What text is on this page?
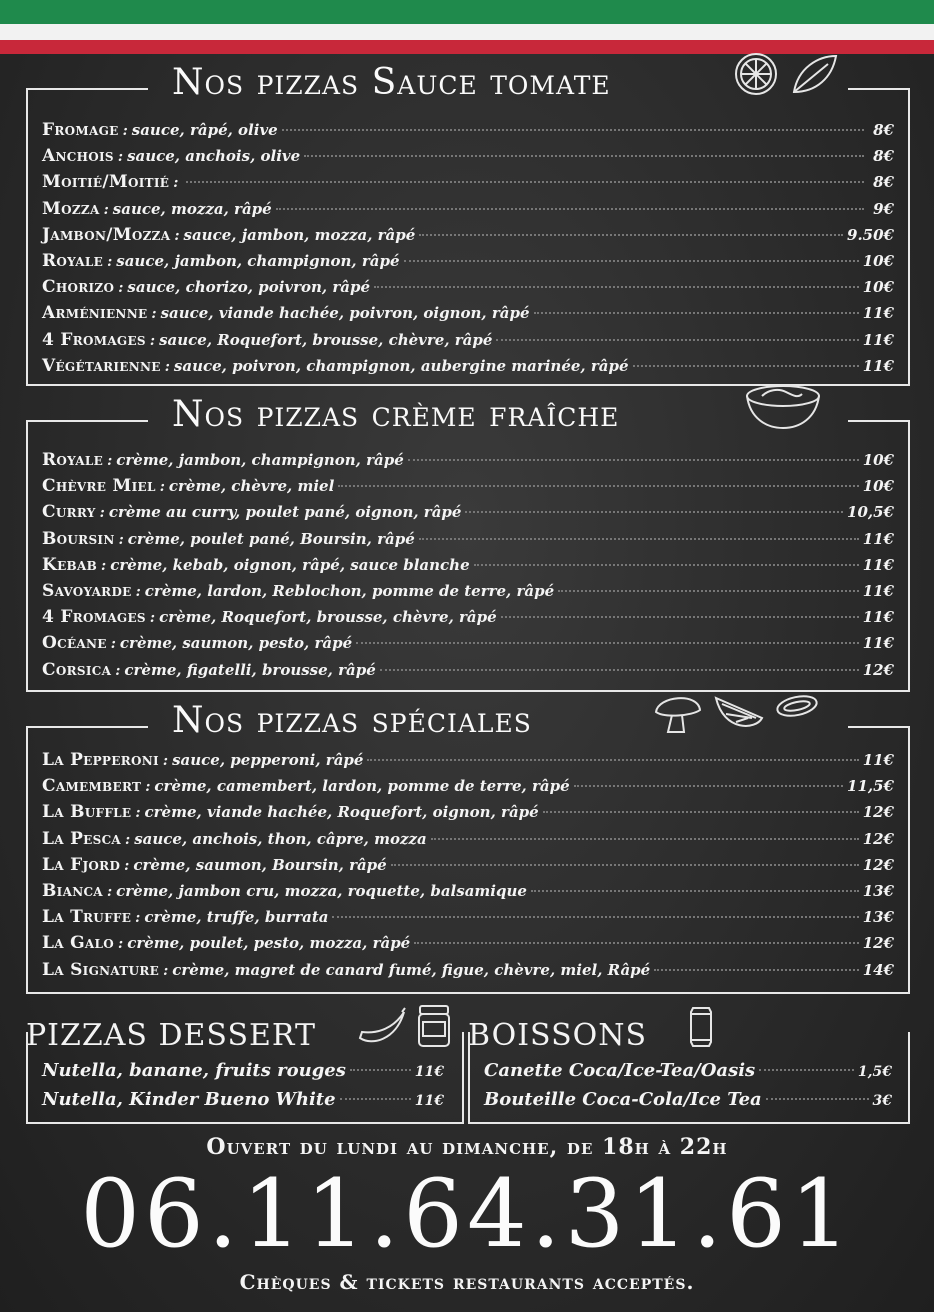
Nos pizzas Sauce tomate
Fromage : sauce, râpé, olive	8€
Anchois : sauce, anchois, olive	8€
Moitié/Moitié :	8€
Mozza : sauce, mozza, râpé	9€
Jambon/Mozza : sauce, jambon, mozza, râpé	9.50€
Royale : sauce, jambon, champignon, râpé	10€
Chorizo : sauce, chorizo, poivron, râpé	10€
Arménienne : sauce, viande hachée, poivron, oignon, râpé	11€
4 Fromages : sauce, Roquefort, brousse, chèvre, râpé	11€
Végétarienne : sauce, poivron, champignon, aubergine marinée, râpé	11€
Nos pizzas crème fraîche
Royale : crème, jambon, champignon, râpé	10€
Chèvre Miel : crème, chèvre, miel	10€
Curry : crème au curry, poulet pané, oignon, râpé	10,5€
Boursin : crème, poulet pané, Boursin, râpé	11€
Kebab : crème, kebab, oignon, râpé, sauce blanche	11€
Savoyarde : crème, lardon, Reblochon, pomme de terre, râpé	11€
4 Fromages : crème, Roquefort, brousse, chèvre, râpé	11€
Océane : crème, saumon, pesto, râpé	11€
Corsica : crème, figatelli, brousse, râpé	12€
Nos pizzas spéciales
La Pepperoni : sauce, pepperoni, râpé	11€
Camembert : crème, camembert, lardon, pomme de terre, râpé	11,5€
La Buffle : crème, viande hachée, Roquefort, oignon, râpé	12€
La Pesca : sauce, anchois, thon, câpre, mozza	12€
La Fjord : crème, saumon, Boursin, râpé	12€
Bianca : crème, jambon cru, mozza, roquette, balsamique	13€
La Truffe : crème, truffe, burrata	13€
La Galo : crème, poulet, pesto, mozza, râpé	12€
La Signature : crème, magret de canard fumé, figue, chèvre, miel, Râpé	14€
PIZZAS DESSERT
Nutella, banane, fruits rouges	11€
Nutella, Kinder Bueno White	11€
BOISSONS
Canette Coca/Ice-Tea/Oasis	1,5€
Bouteille Coca-Cola/Ice Tea	3€
Ouvert du lundi au dimanche, de 18h à 22h
06.11.64.31.61
Chèques & tickets restaurants acceptés.
